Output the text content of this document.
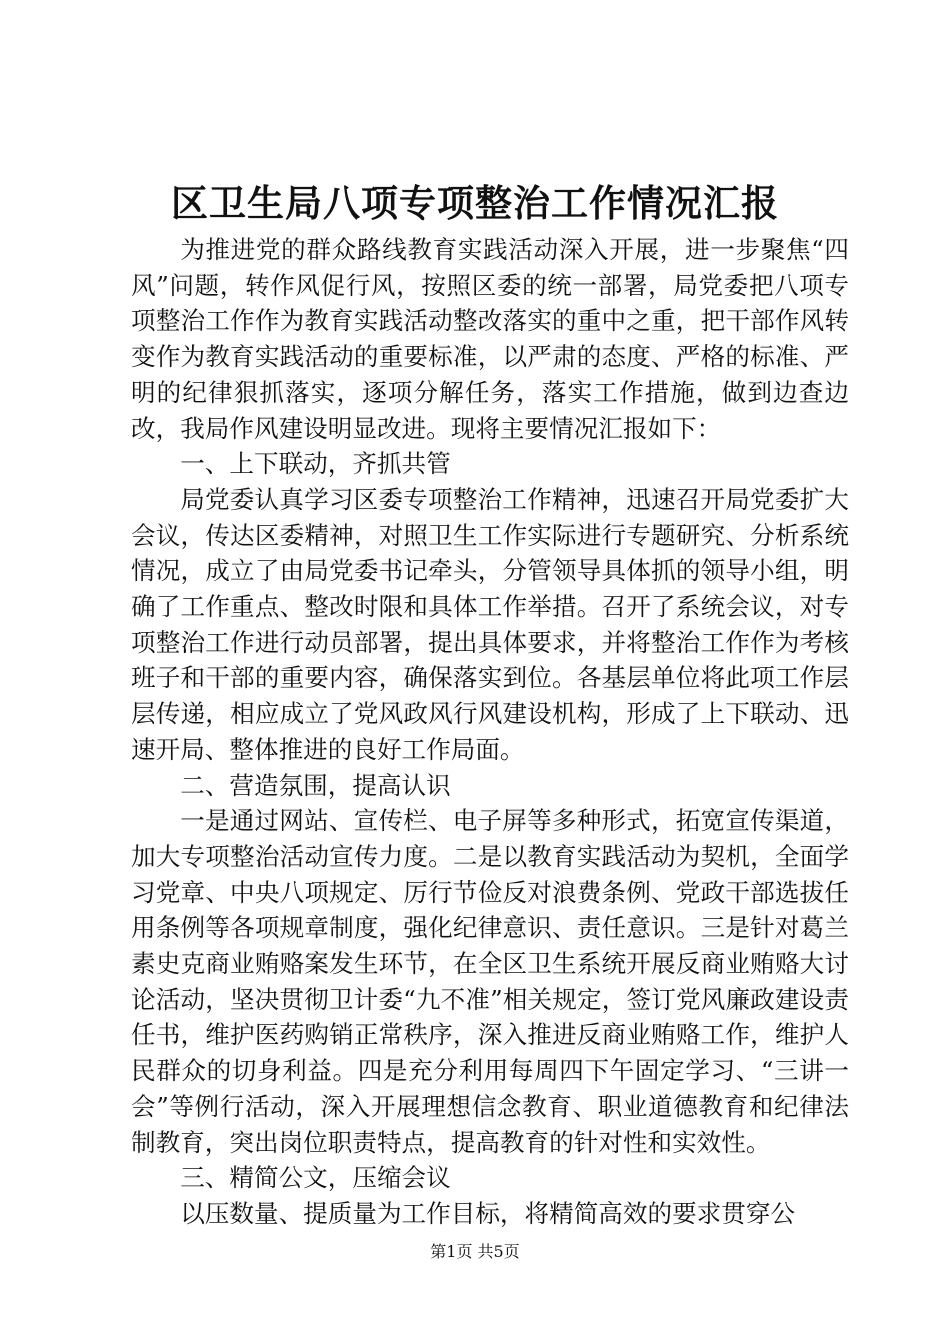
区卫生局八项专项整治工作情况汇报

为推进党的群众路线教育实践活动深入开展，进一步聚焦“四风”问题，转作风促行风，按照区委的统一部署，局党委把八项专项整治工作作为教育实践活动整改落实的重中之重，把干部作风转变作为教育实践活动的重要标准，以严肃的态度、严格的标准、严明的纪律狠抓落实，逐项分解任务，落实工作措施，做到边查边改，我局作风建设明显改进。现将主要情况汇报如下：

一、上下联动，齐抓共管

局党委认真学习区委专项整治工作精神，迅速召开局党委扩大会议，传达区委精神，对照卫生工作实际进行专题研究、分析系统情况，成立了由局党委书记牵头，分管领导具体抓的领导小组，明确了工作重点、整改时限和具体工作举措。召开了系统会议，对专项整治工作进行动员部署，提出具体要求，并将整治工作作为考核班子和干部的重要内容，确保落实到位。各基层单位将此项工作层层传递，相应成立了党风政风行风建设机构，形成了上下联动、迅速开局、整体推进的良好工作局面。

二、营造氛围，提高认识

一是通过网站、宣传栏、电子屏等多种形式，拓宽宣传渠道，加大专项整治活动宣传力度。二是以教育实践活动为契机，全面学习党章、中央八项规定、厉行节俭反对浪费条例、党政干部选拔任用条例等各项规章制度，强化纪律意识、责任意识。三是针对葛兰素史克商业贿赂案发生环节，在全区卫生系统开展反商业贿赂大讨论活动，坚决贯彻卫计委“九不准”相关规定，签订党风廉政建设责任书，维护医药购销正常秩序，深入推进反商业贿赂工作，维护人民群众的切身利益。四是充分利用每周四下午固定学习、“三讲一会”等例行活动，深入开展理想信念教育、职业道德教育和纪律法制教育，突出岗位职责特点，提高教育的针对性和实效性。

三、精简公文，压缩会议

以压数量、提质量为工作目标，将精简高效的要求贯穿公

第1页 共5页
